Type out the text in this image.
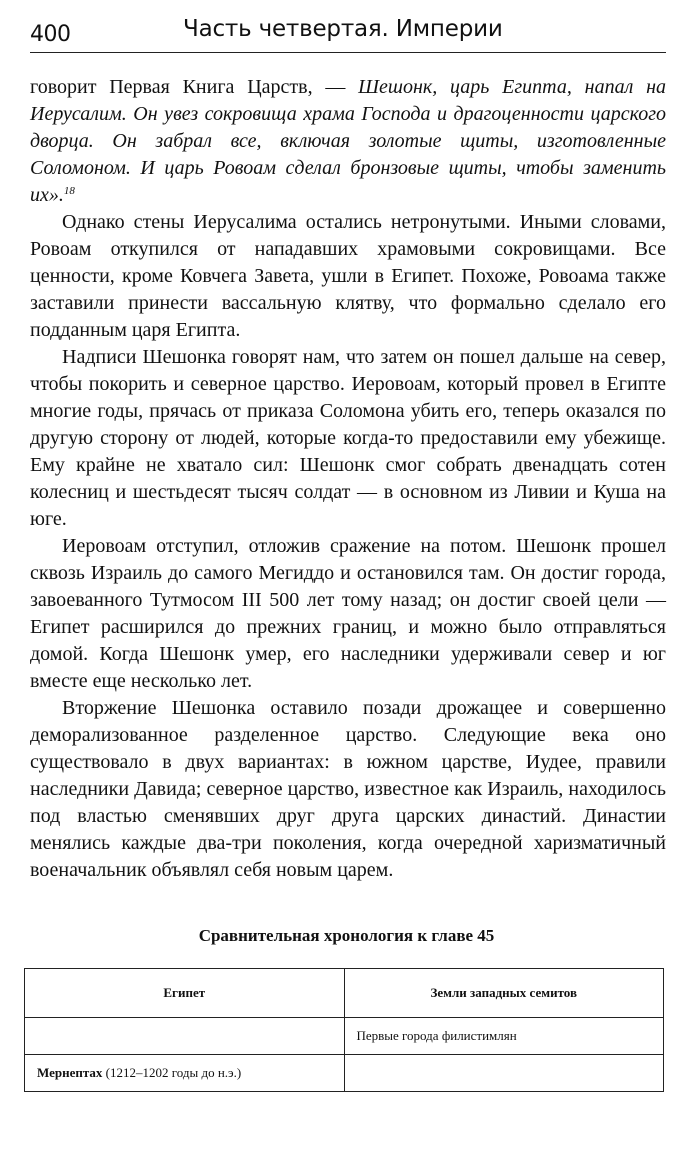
400	Часть четвертая. Империи

говорит Первая Книга Царств, — Шешонк, царь Египта, напал на Иерусалим. Он увез сокровища храма Господа и драгоценности царского дворца. Он забрал все, включая золотые щиты, изготовленные Соломоном. И царь Ровоам сделал бронзовые щиты, чтобы заменить их».$^{18}$

Однако стены Иерусалима остались нетронутыми. Иными словами, Ровоам откупился от нападавших храмовыми сокровищами. Все ценности, кроме Ковчега Завета, ушли в Египет. Похоже, Ровоама также заставили принести вассальную клятву, что формально сделало его подданным царя Египта.

Надписи Шешонка говорят нам, что затем он пошел дальше на север, чтобы покорить и северное царство. Иеровоам, который провел в Египте многие годы, прячась от приказа Соломона убить его, теперь оказался по другую сторону от людей, которые когда-то предоставили ему убежище. Ему крайне не хватало сил: Шешонк смог собрать двенадцать сотен колесниц и шестьдесят тысяч солдат — в основном из Ливии и Куша на юге.

Иеровоам отступил, отложив сражение на потом. Шешонк прошел сквозь Израиль до самого Мегиддо и остановился там. Он достиг города, завоеванного Тутмосом III 500 лет тому назад; он достиг своей цели — Египет расширился до прежних границ, и можно было отправляться домой. Когда Шешонк умер, его наследники удерживали север и юг вместе еще несколько лет.

Вторжение Шешонка оставило позади дрожащее и совершенно деморализованное разделенное царство. Следующие века оно существовало в двух вариантах: в южном царстве, Иудее, правили наследники Давида; северное царство, известное как Израиль, находилось под властью сменявших друг друга царских династий. Династии менялись каждые два-три поколения, когда очередной харизматичный военачальник объявлял себя новым царем.

Сравнительная хронология к главе 45
Египет	Земли западных семитов
	Первые города филистимлян
Мернептах (1212–1202 годы до н.э.)	
